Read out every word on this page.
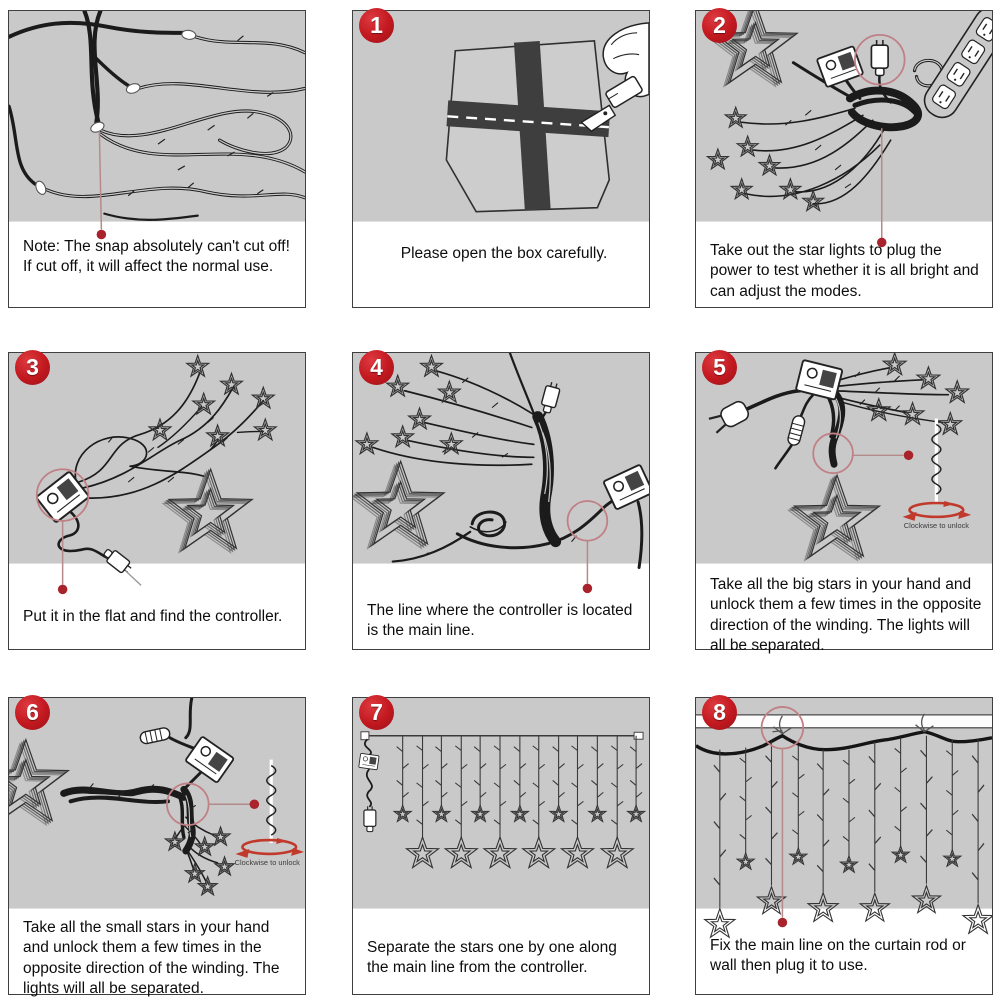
Note: The snap absolutely can't cut off! If cut off, it will affect the normal use.
1
Please open the box carefully.
2
Take out the star lights to plug the power to test whether it is all bright and can adjust the modes.
3
Put it in the flat and find the controller.
4
The line where the controller is located is the main line.
Clockwise to unlock
5
Take all the big stars in your hand and unlock them a few times in the opposite direction of the winding. The lights will all be separated.
Clockwise to unlock
6
Take all the small stars in your hand and unlock them a few times in the opposite direction of the winding. The lights will all be separated.
7
Separate the stars one by one along the main line from the controller.
8
Fix the main line on the curtain rod or wall then plug it to use.
